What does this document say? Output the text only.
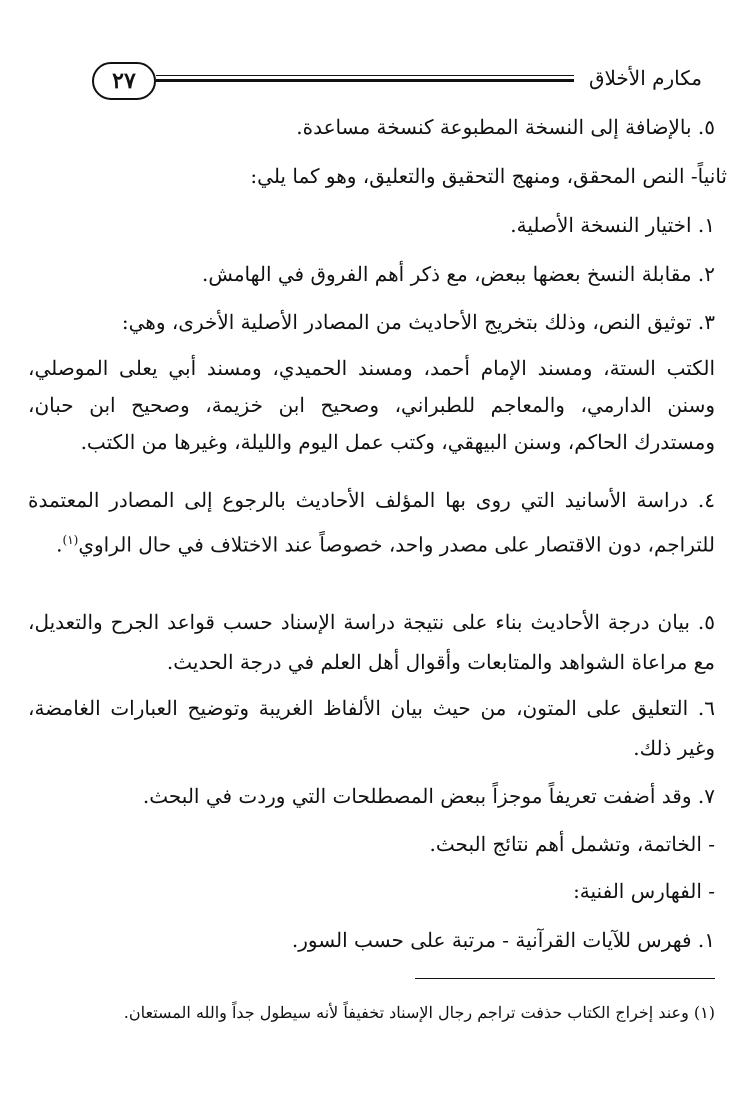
مكارم الأخلاق
٢٧
٥. بالإضافة إلى النسخة المطبوعة كنسخة مساعدة.
ثانياً- النص المحقق، ومنهج التحقيق والتعليق، وهو كما يلي:
١. اختيار النسخة الأصلية.
٢. مقابلة النسخ بعضها ببعض، مع ذكر أهم الفروق في الهامش.
٣. توثيق النص، وذلك بتخريج الأحاديث من المصادر الأصلية الأخرى، وهي:
الكتب الستة، ومسند الإمام أحمد، ومسند الحميدي، ومسند أبي يعلى الموصلي، وسنن الدارمي، والمعاجم للطبراني، وصحيح ابن خزيمة، وصحيح ابن حبان، ومستدرك الحاكم، وسنن البيهقي، وكتب عمل اليوم والليلة، وغيرها من الكتب.
٤. دراسة الأسانيد التي روى بها المؤلف الأحاديث بالرجوع إلى المصادر المعتمدة للتراجم، دون الاقتصار على مصدر واحد، خصوصاً عند الاختلاف في حال الراوي$^{(١)}$.
٥. بيان درجة الأحاديث بناء على نتيجة دراسة الإسناد حسب قواعد الجرح والتعديل، مع مراعاة الشواهد والمتابعات وأقوال أهل العلم في درجة الحديث.
٦. التعليق على المتون، من حيث بيان الألفاظ الغريبة وتوضيح العبارات الغامضة، وغير ذلك.
٧. وقد أضفت تعريفاً موجزاً ببعض المصطلحات التي وردت في البحث.
- الخاتمة، وتشمل أهم نتائج البحث.
- الفهارس الفنية:
١. فهرس للآيات القرآنية - مرتبة على حسب السور.
(١) وعند إخراج الكتاب حذفت تراجم رجال الإسناد تخفيفاً لأنه سيطول جداً والله المستعان.
